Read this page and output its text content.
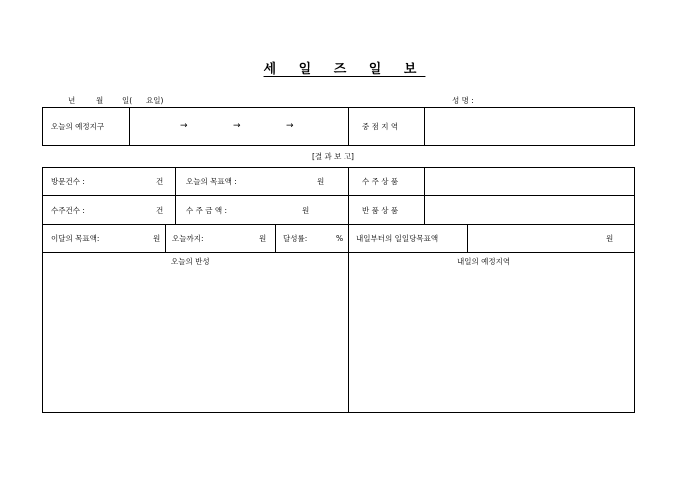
세 일 즈 일 보
년	월	일( 요일)	성 명 :
오늘의 예정지구	→	→	→	중 점 지 역
[결 과 보 고]
방문건수 :	건	오늘의 목표액 :	원	수 주 상 품
수주건수 :	건	수 주 금 액 :	원	반 품 상 품
이달의 목표액:	원 오늘까지:	원 달성률:	% 내일부터의 일일당목표액	원
오늘의 반성	내일의 예정지역
